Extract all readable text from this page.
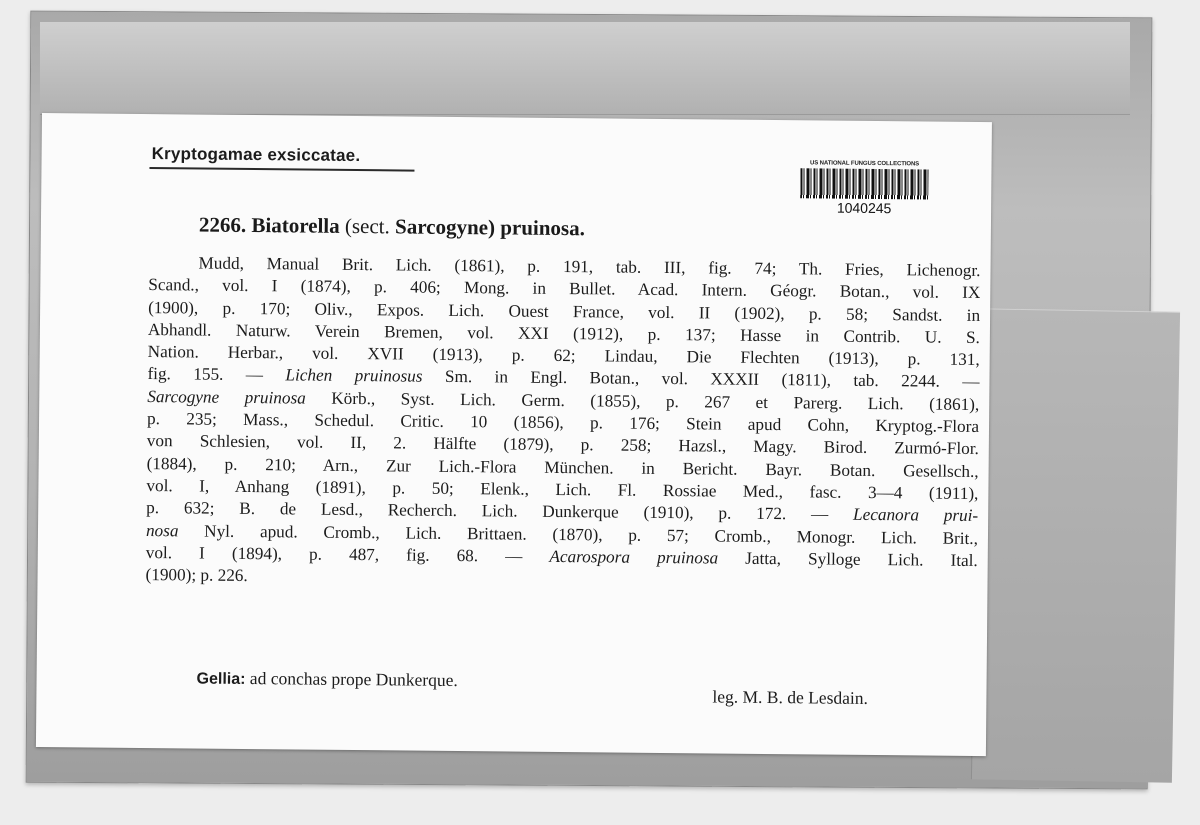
Kryptogamae exsiccatae.	US NATIONAL FUNGUS COLLECTIONS
1040245
2266. Biatorella (sect. Sarcogyne) pruinosa.
Mudd, Manual Brit. Lich. (1861), p. 191, tab. III, fig. 74; Th. Fries, Lichenogr.
Scand., vol. I (1874), p. 406; Mong. in Bullet. Acad. Intern. Géogr. Botan., vol. IX
(1900), p. 170; Oliv., Expos. Lich. Ouest France, vol. II (1902), p. 58; Sandst. in
Abhandl. Naturw. Verein Bremen, vol. XXI (1912), p. 137; Hasse in Contrib. U. S.
Nation. Herbar., vol. XVII (1913), p. 62; Lindau, Die Flechten (1913), p. 131,
fig. 155. — Lichen pruinosus Sm. in Engl. Botan., vol. XXXII (1811), tab. 2244. —
Sarcogyne pruinosa Körb., Syst. Lich. Germ. (1855), p. 267 et Parerg. Lich. (1861),
p. 235; Mass., Schedul. Critic. 10 (1856), p. 176; Stein apud Cohn, Kryptog.-Flora
von Schlesien, vol. II, 2. Hälfte (1879), p. 258; Hazsl., Magy. Birod. Zurmó-Flor.
(1884), p. 210; Arn., Zur Lich.-Flora München. in Bericht. Bayr. Botan. Gesellsch.,
vol. I, Anhang (1891), p. 50; Elenk., Lich. Fl. Rossiae Med., fasc. 3—4 (1911),
p. 632; B. de Lesd., Recherch. Lich. Dunkerque (1910), p. 172. — Lecanora prui-
nosa Nyl. apud. Cromb., Lich. Brittaen. (1870), p. 57; Cromb., Monogr. Lich. Brit.,
vol. I (1894), p. 487, fig. 68. — Acarospora pruinosa Jatta, Sylloge Lich. Ital.
(1900); p. 226.
Gellia: ad conchas prope Dunkerque.
leg. M. B. de Lesdain.
